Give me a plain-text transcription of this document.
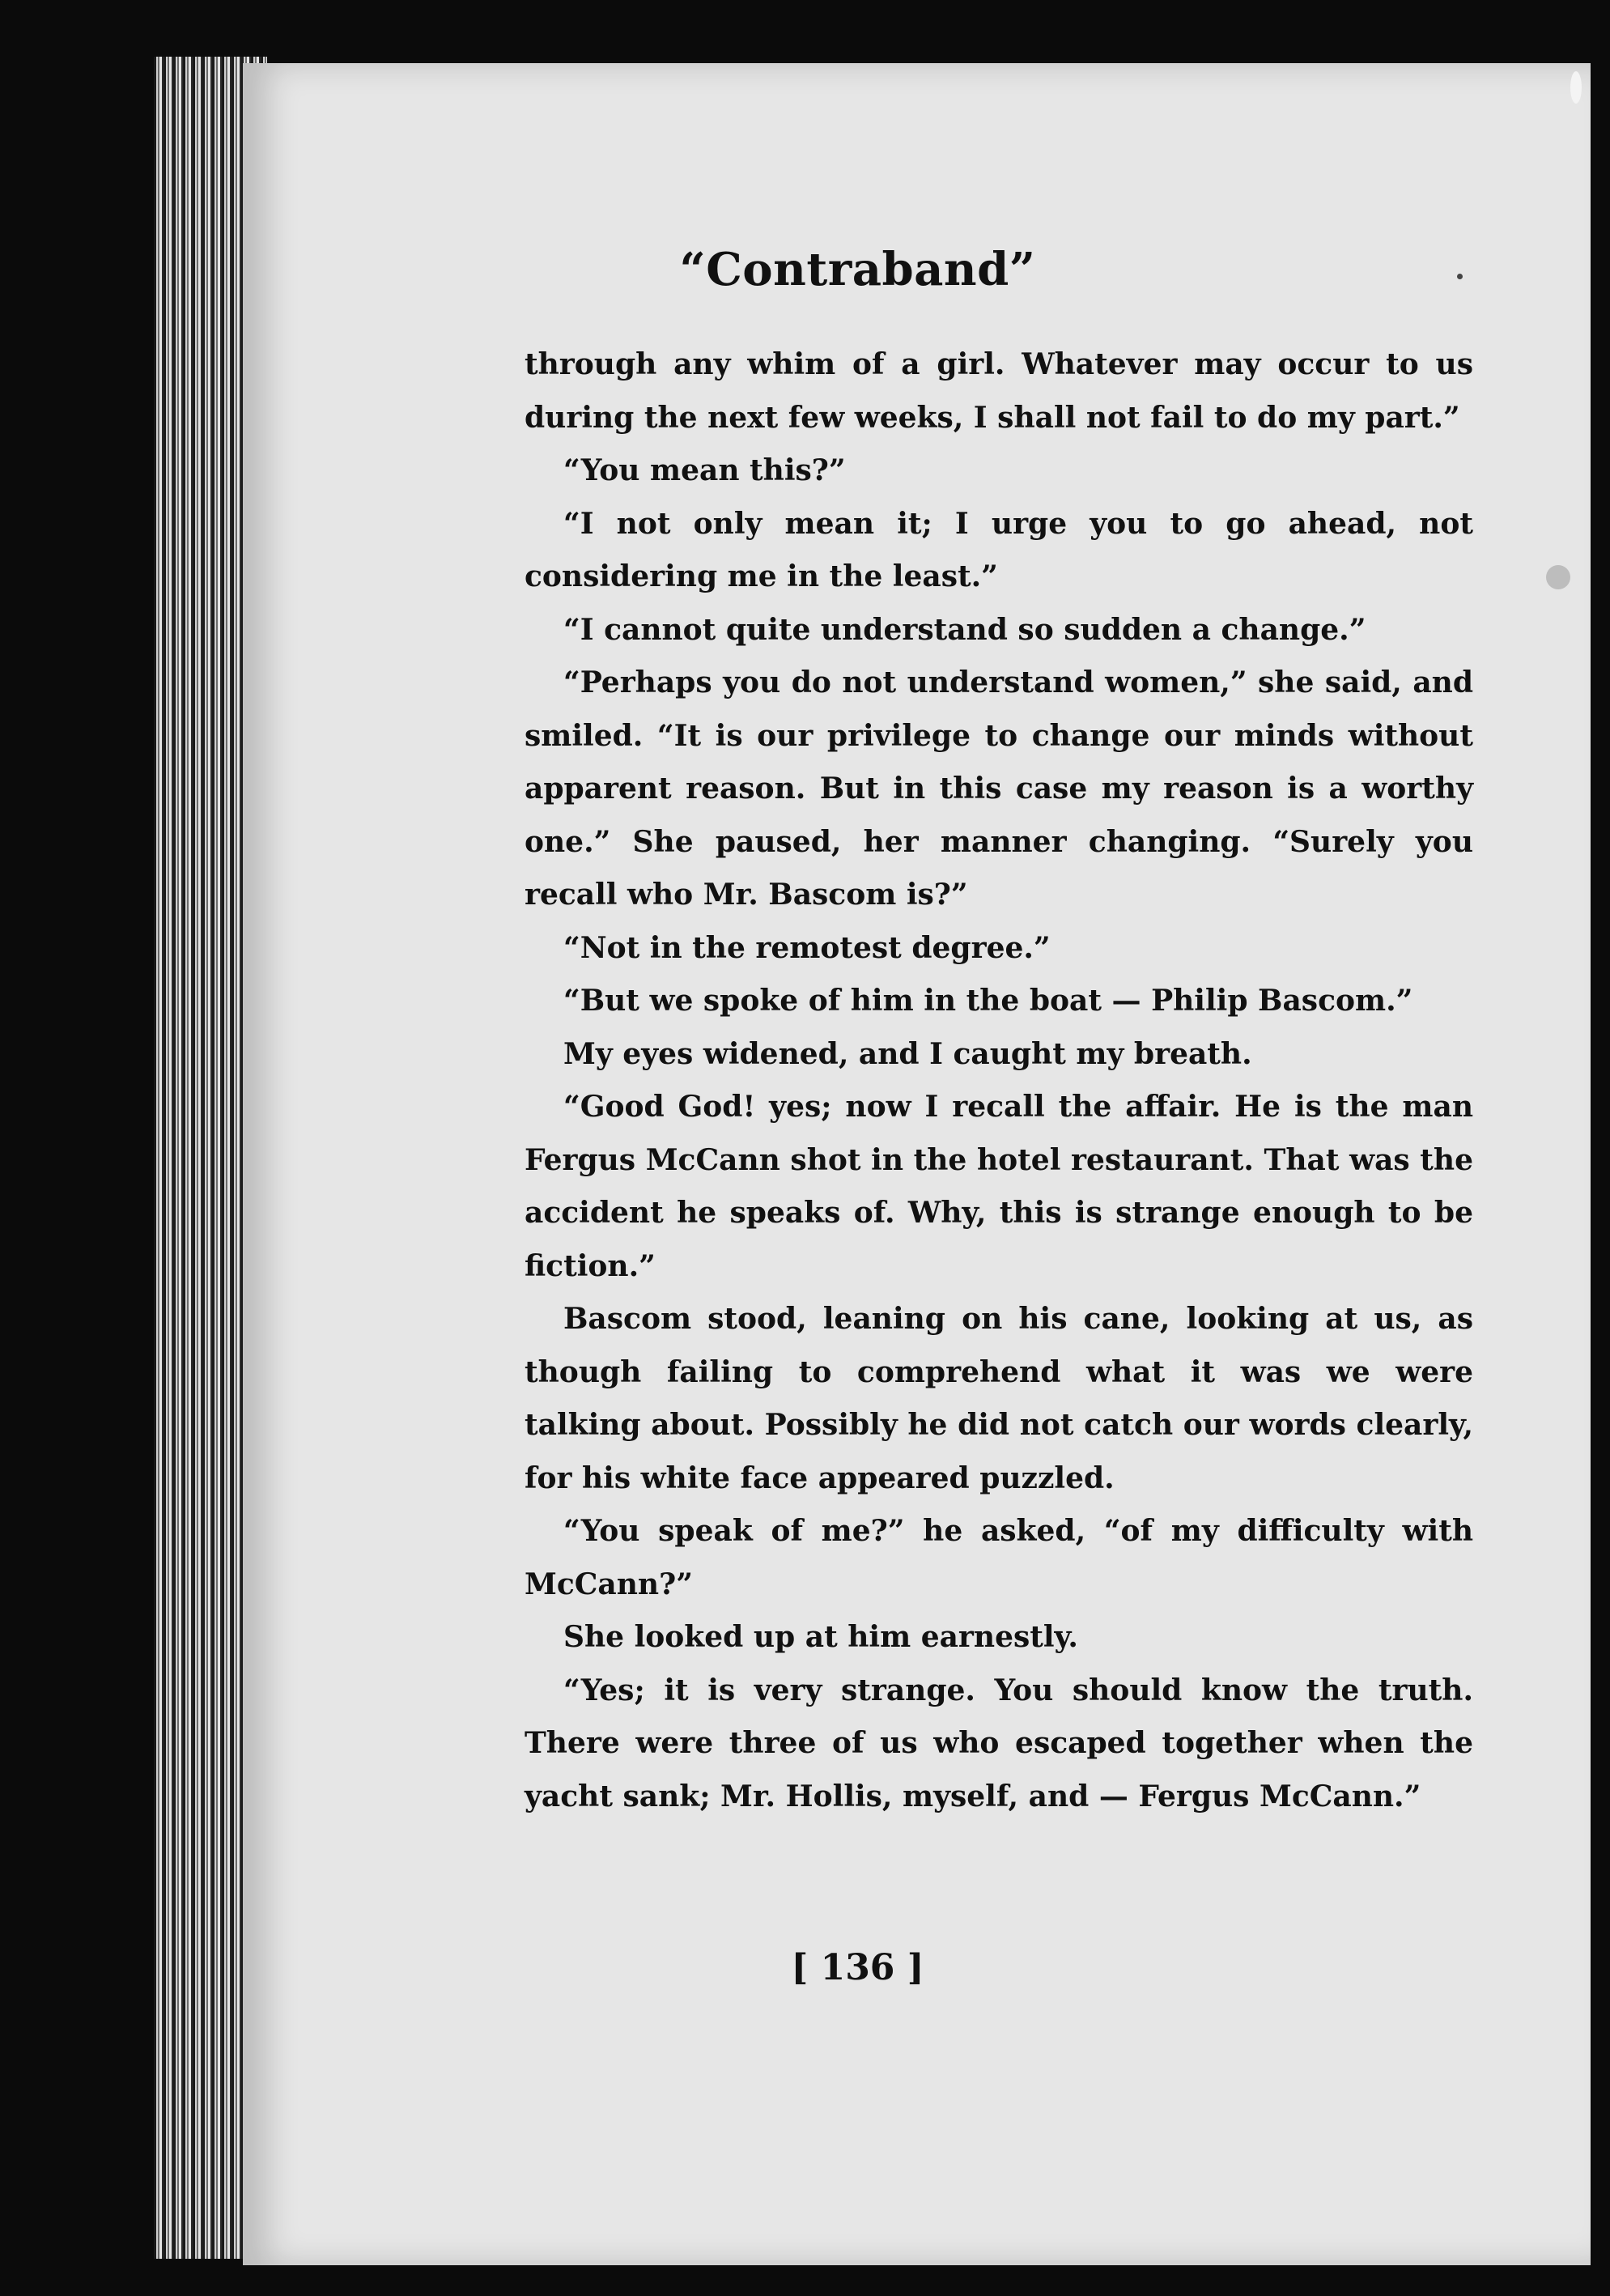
“Contraband”

through any whim of a girl. Whatever may occur to us during the next few weeks, I shall not fail to do my part.”

“You mean this?”

“I not only mean it; I urge you to go ahead, not considering me in the least.”

“I cannot quite understand so sudden a change.”

“Perhaps you do not understand women,” she said, and smiled. “It is our privilege to change our minds without apparent reason. But in this case my reason is a worthy one.” She paused, her manner changing. “Surely you recall who Mr. Bascom is?”

“Not in the remotest degree.”

“But we spoke of him in the boat — Philip Bascom.”

My eyes widened, and I caught my breath.

“Good God! yes; now I recall the affair. He is the man Fergus McCann shot in the hotel restaurant. That was the accident he speaks of. Why, this is strange enough to be fiction.”

Bascom stood, leaning on his cane, looking at us, as though failing to comprehend what it was we were talking about. Possibly he did not catch our words clearly, for his white face appeared puzzled.

“You speak of me?” he asked, “of my difficulty with McCann?”

She looked up at him earnestly.

“Yes; it is very strange. You should know the truth. There were three of us who escaped together when the yacht sank; Mr. Hollis, myself, and — Fergus McCann.”

[ 136 ]
